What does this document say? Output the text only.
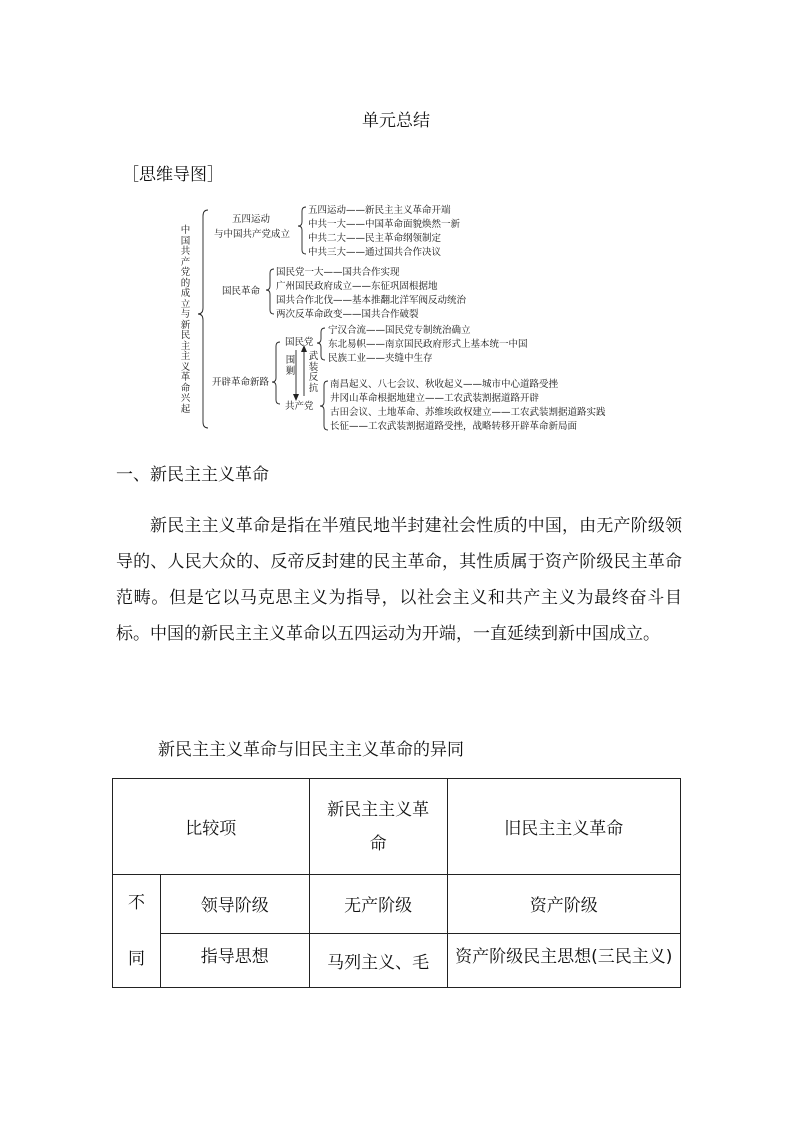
单元总结
［思维导图］
中国共产党的成立与新民主主义革命兴起
五四运动
与中国共产党成立
五四运动——新民主主义革命开端
中共一大——中国革命面貌焕然一新
中共二大——民主革命纲领制定
中共三大——通过国共合作决议
国民革命
国民党一大——国共合作实现
广州国民政府成立——东征巩固根据地
国共合作北伐——基本推翻北洋军阀反动统治
两次反革命政变——国共合作破裂
开辟革命新路
国民党
共产党
围剿
武装反抗
宁汉合流——国民党专制统治确立
东北易帜——南京国民政府形式上基本统一中国
民族工业——夹缝中生存
南昌起义、八七会议、秋收起义——城市中心道路受挫
井冈山革命根据地建立——工农武装割据道路开辟
古田会议、土地革命、苏维埃政权建立——工农武装割据道路实践
长征——工农武装割据道路受挫，战略转移开辟革命新局面
一、新民主主义革命
新民主主义革命是指在半殖民地半封建社会性质的中国，由无产阶级领导的、人民大众的、反帝反封建的民主革命，其性质属于资产阶级民主革命范畴。但是它以马克思主义为指导，以社会主义和共产主义为最终奋斗目标。中国的新民主主义革命以五四运动为开端，一直延续到新中国成立。
新民主主义革命与旧民主主义革命的异同
比较项		新民主主义革命	旧民主主义革命
不同	领导阶级	无产阶级	资产阶级
	指导思想	马列主义、毛	资产阶级民主思想(三民主义)
